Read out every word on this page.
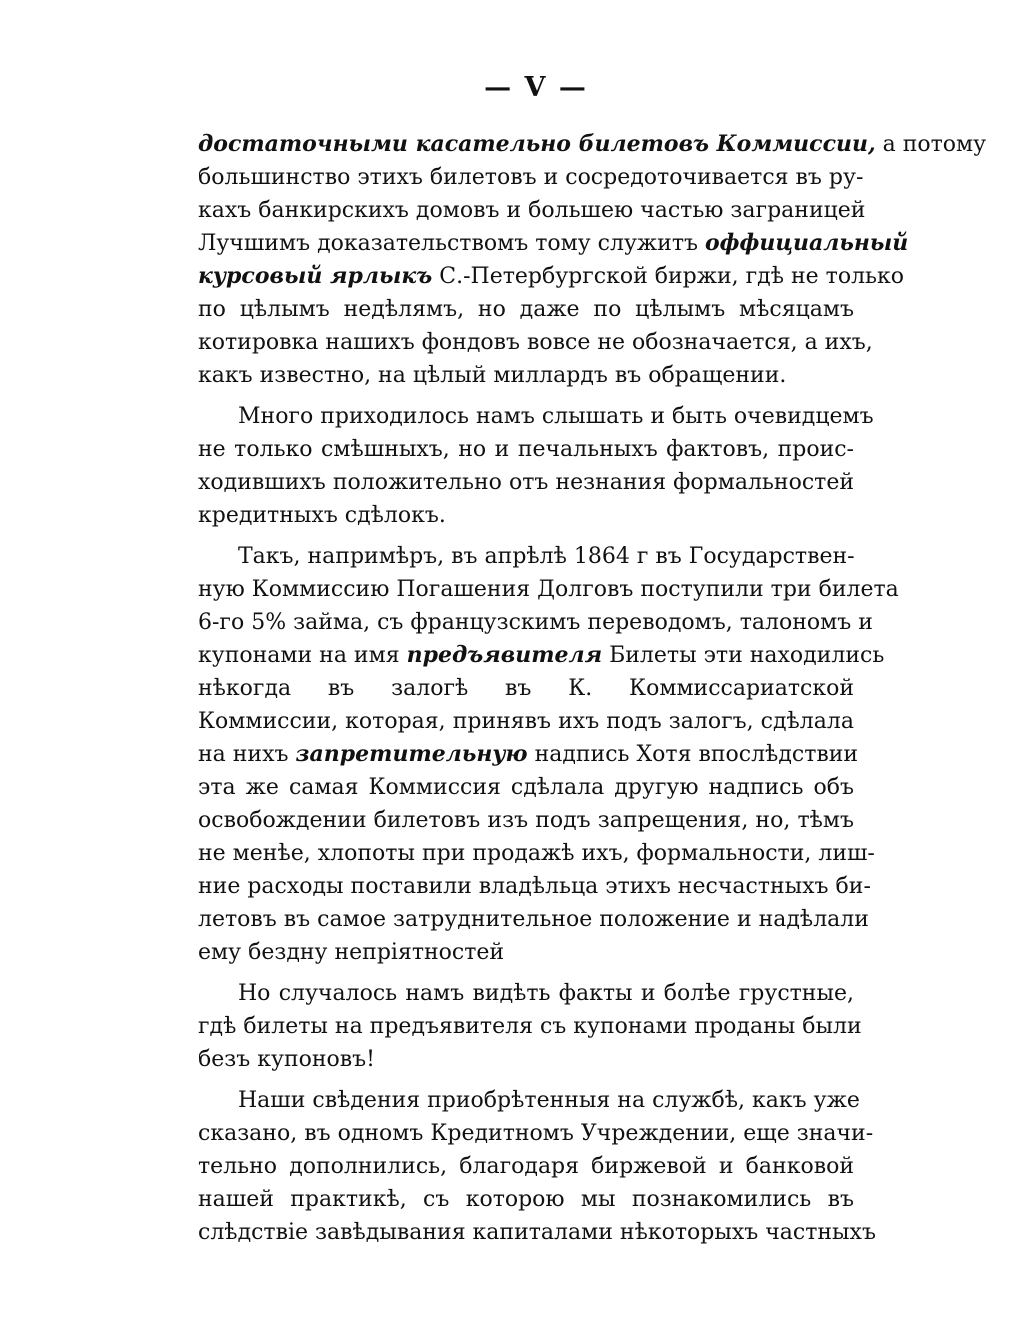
— V —
достаточными касательно билетовъ Коммиссии, а потому
большинство этихъ билетовъ и сосредоточивается въ ру-
кахъ банкирскихъ домовъ и большею частью заграницей
Лучшимъ доказательствомъ тому служитъ оффициальный
курсовый ярлыкъ С.-Петербургской биржи, гдѣ не только
по цѣлымъ недѣлямъ, но даже по цѣлымъ мѣсяцамъ
котировка нашихъ фондовъ вовсе не обозначается, а ихъ,
какъ известно, на цѣлый миллардъ въ обращении.
Много приходилось намъ слышать и быть очевидцемъ
не только смѣшныхъ, но и печальныхъ фактовъ, проис-
ходившихъ положительно отъ незнания формальностей
кредитныхъ сдѣлокъ.
Такъ, напримѣръ, въ апрѣлѣ 1864 г въ Государствен-
ную Коммиссию Погашения Долговъ поступили три билета
6-го 5% займа, съ французскимъ переводомъ, талономъ и
купонами на имя предъявителя Билеты эти находились
нѣкогда въ залогѣ въ К. Коммиссариатской
Коммиссии, которая, принявъ ихъ подъ залогъ, сдѣлала
на нихъ запретительную надпись Хотя впослѣдствии
эта же самая Коммиссия сдѣлала другую надпись объ
освобождении билетовъ изъ подъ запрещения, но, тѣмъ
не менѣе, хлопоты при продажѣ ихъ, формальности, лиш-
ние расходы поставили владѣльца этихъ несчастныхъ би-
летовъ въ самое затруднительное положение и надѣлали
ему бездну непрiятностей
Но случалось намъ видѣть факты и болѣе грустные,
гдѣ билеты на предъявителя съ купонами проданы были
безъ купоновъ!
Наши свѣдения приобрѣтенныя на службѣ, какъ уже
сказано, въ одномъ Кредитномъ Учреждении, еще значи-
тельно дополнились, благодаря биржевой и банковой
нашей практикѣ, съ которою мы познакомились въ
слѣдствiе завѣдывания капиталами нѣкоторыхъ частныхъ
